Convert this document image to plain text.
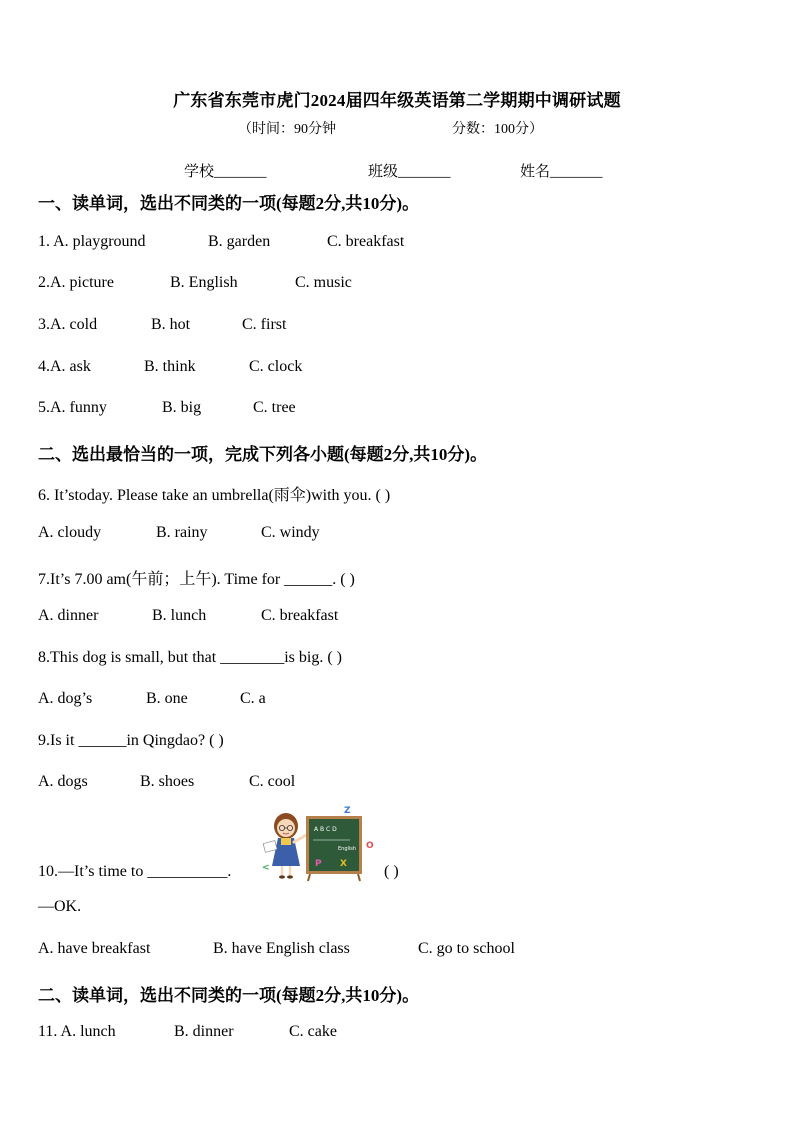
广东省东莞市虎门2024届四年级英语第二学期期中调研试题
（时间：90分钟	分数：100分）
学校_______	班级_______	姓名_______
一、读单词，选出不同类的一项(每题2分,共10分)。
1. A. playground	B. garden	C. breakfast
2.A. picture	B. English	C. music
3.A. cold	B. hot	C. first
4.A. ask	B. think	C. clock
5.A. funny	B. big	C. tree
二、选出最恰当的一项，完成下列各小题(每题2分,共10分)。
6. It’stoday. Please take an umbrella(雨伞)with you. ( )
A. cloudy	B. rainy	C. windy
7.It’s 7.00 am(午前；上午). Time for ______. ( )
A. dinner	B. lunch	C. breakfast
8.This dog is small, but that ________is big. ( )
A. dog’s	B. one	C. a
9.Is it ______in Qingdao? ( )
A. dogs	B. shoes	C. cool
A B C D
English
P X
Z
O
<
10.—It’s time to __________.	( )
—OK.
A. have breakfast	B. have English class	C. go to school
二、读单词，选出不同类的一项(每题2分,共10分)。
11. A. lunch	B. dinner	C. cake
